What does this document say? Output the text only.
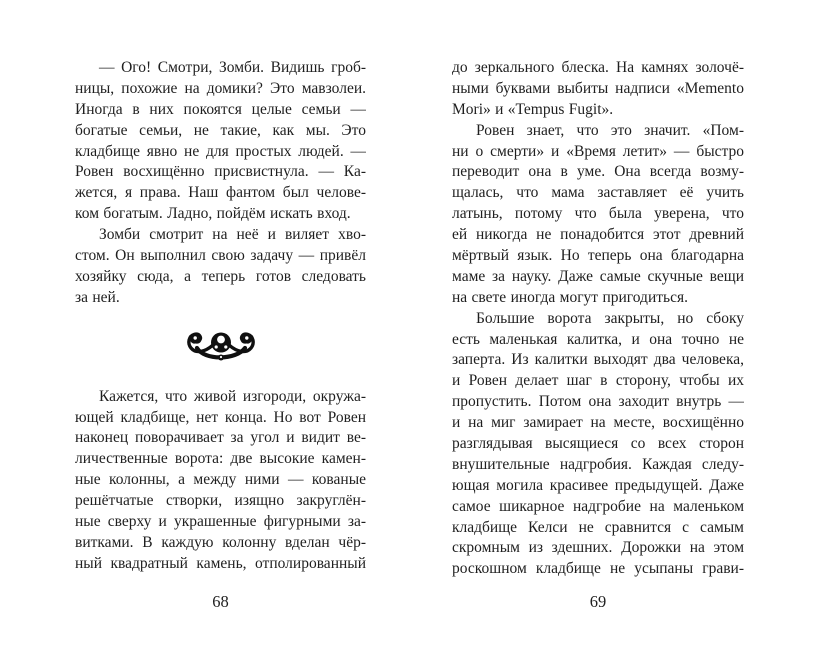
— Ого! Смотри, Зомби. Видишь гроб-
ницы, похожие на домики? Это мавзолеи.
Иногда в них покоятся целые семьи —
богатые семьи, не такие, как мы. Это
кладбище явно не для простых людей. —
Ровен восхищённо присвистнула. — Ка-
жется, я права. Наш фантом был челове-
ком богатым. Ладно, пойдём искать вход.
Зомби смотрит на неё и виляет хво-
стом. Он выполнил свою задачу — привёл
хозяйку сюда, а теперь готов следовать
за ней.
Кажется, что живой изгороди, окружа-
ющей кладбище, нет конца. Но вот Ровен
наконец поворачивает за угол и видит ве-
личественные ворота: две высокие камен-
ные колонны, а между ними — кованые
решётчатые створки, изящно закруглён-
ные сверху и украшенные фигурными за-
витками. В каждую колонну вделан чёр-
ный квадратный камень, отполированный
до зеркального блеска. На камнях золочё-
ными буквами выбиты надписи «Memento
Mori» и «Tempus Fugit».
Ровен знает, что это значит. «Пом-
ни о смерти» и «Время летит» — быстро
переводит она в уме. Она всегда возму-
щалась, что мама заставляет её учить
латынь, потому что была уверена, что
ей никогда не понадобится этот древний
мёртвый язык. Но теперь она благодарна
маме за науку. Даже самые скучные вещи
на свете иногда могут пригодиться.
Большие ворота закрыты, но сбоку
есть маленькая калитка, и она точно не
заперта. Из калитки выходят два человека,
и Ровен делает шаг в сторону, чтобы их
пропустить. Потом она заходит внутрь —
и на миг замирает на месте, восхищённо
разглядывая высящиеся со всех сторон
внушительные надгробия. Каждая следу-
ющая могила красивее предыдущей. Даже
самое шикарное надгробие на маленьком
кладбище Келси не сравнится с самым
скромным из здешних. Дорожки на этом
роскошном кладбище не усыпаны грави-
68	69
